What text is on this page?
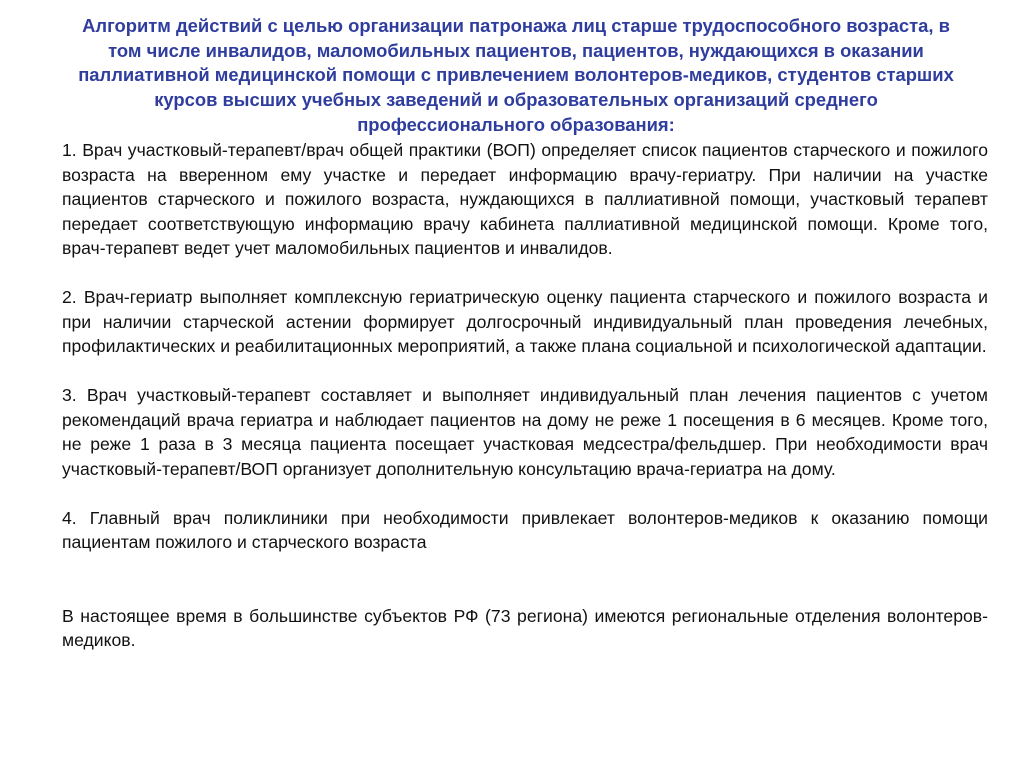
Алгоритм действий с целью организации патронажа лиц старше трудоспособного возраста, в том числе инвалидов, маломобильных пациентов, пациентов, нуждающихся в оказании паллиативной медицинской помощи с привлечением волонтеров-медиков, студентов старших курсов высших учебных заведений и образовательных организаций среднего профессионального образования:

1. Врач участковый-терапевт/врач общей практики (ВОП) определяет список пациентов старческого и пожилого возраста на вверенном ему участке и передает информацию врачу-гериатру. При наличии на участке пациентов старческого и пожилого возраста, нуждающихся в паллиативной помощи, участковый терапевт передает соответствующую информацию врачу кабинета паллиативной медицинской помощи. Кроме того, врач-терапевт ведет учет маломобильных пациентов и инвалидов.

2. Врач-гериатр выполняет комплексную гериатрическую оценку пациента старческого и пожилого возраста и при наличии старческой астении формирует долгосрочный индивидуальный план проведения лечебных, профилактических и реабилитационных мероприятий, а также плана социальной и психологической адаптации.

3. Врач участковый-терапевт составляет и выполняет индивидуальный план лечения пациентов с учетом рекомендаций врача гериатра и наблюдает пациентов на дому не реже 1 посещения в 6 месяцев. Кроме того, не реже 1 раза в 3 месяца пациента посещает участковая медсестра/фельдшер. При необходимости врач участковый-терапевт/ВОП организует дополнительную консультацию врача-гериатра на дому.

4. Главный врач поликлиники при необходимости привлекает волонтеров-медиков к оказанию помощи пациентам пожилого и старческого возраста

В настоящее время в большинстве субъектов РФ (73 региона) имеются региональные отделения волонтеров-медиков.
